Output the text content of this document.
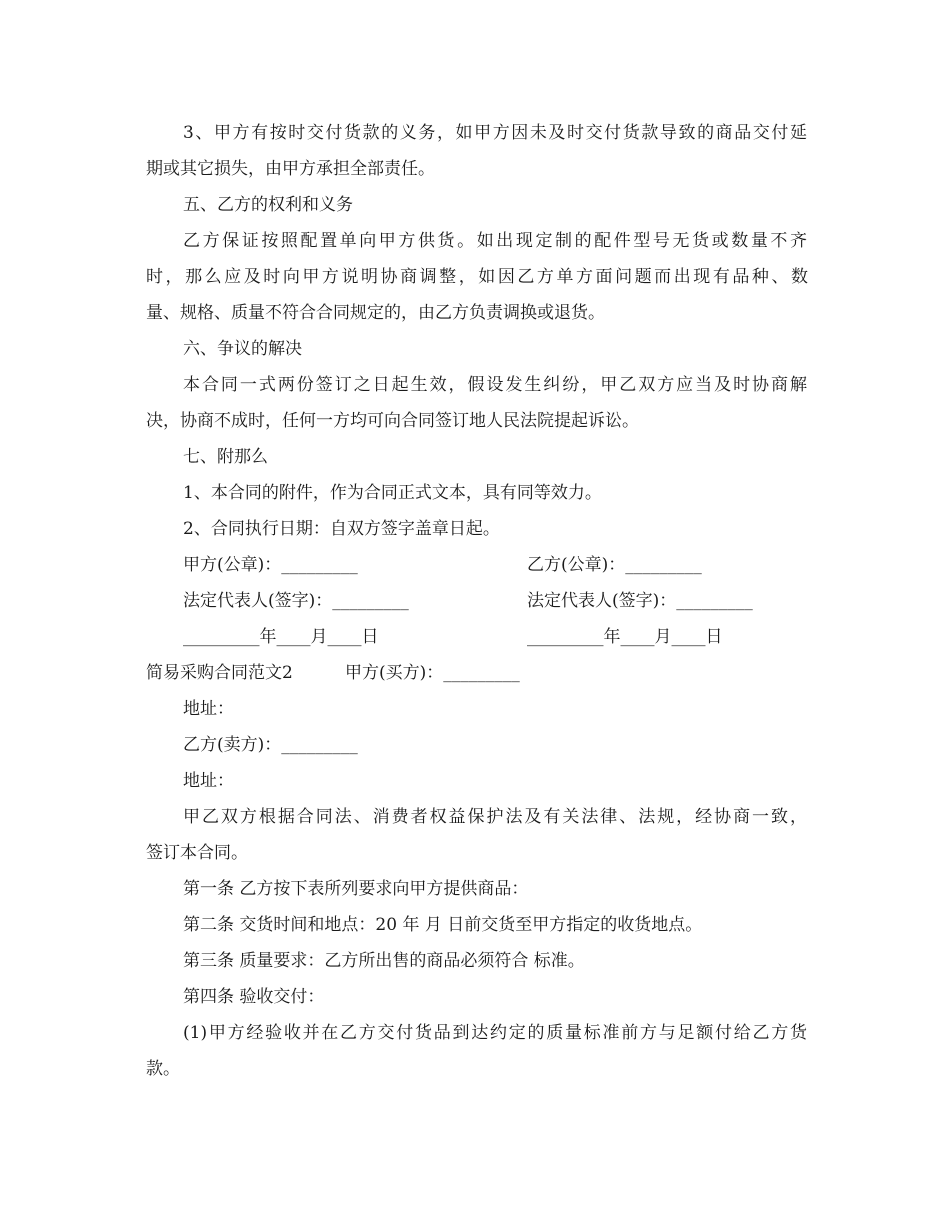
3、甲方有按时交付货款的义务，如甲方因未及时交付货款导致的商品交付延
期或其它损失，由甲方承担全部责任。
五、乙方的权利和义务
乙方保证按照配置单向甲方供货。如出现定制的配件型号无货或数量不齐
时，那么应及时向甲方说明协商调整，如因乙方单方面问题而出现有品种、数
量、规格、质量不符合合同规定的，由乙方负责调换或退货。
六、争议的解决
本合同一式两份签订之日起生效，假设发生纠纷，甲乙双方应当及时协商解
决，协商不成时，任何一方均可向合同签订地人民法院提起诉讼。
七、附那么
1、本合同的附件，作为合同正式文本，具有同等效力。
2、合同执行日期：自双方签字盖章日起。
甲方(公章)：_________	乙方(公章)：_________
法定代表人(签字)：_________	法定代表人(签字)：_________
_________年____月____日	_________年____月____日
简易采购合同范文2	甲方(买方)：_________
地址：
乙方(卖方)：_________
地址：
甲乙双方根据合同法、消费者权益保护法及有关法律、法规，经协商一致，
签订本合同。
第一条 乙方按下表所列要求向甲方提供商品：
第二条 交货时间和地点：20 年 月 日前交货至甲方指定的收货地点。
第三条 质量要求：乙方所出售的商品必须符合 标准。
第四条 验收交付：
(1)甲方经验收并在乙方交付货品到达约定的质量标准前方与足额付给乙方货
款。
